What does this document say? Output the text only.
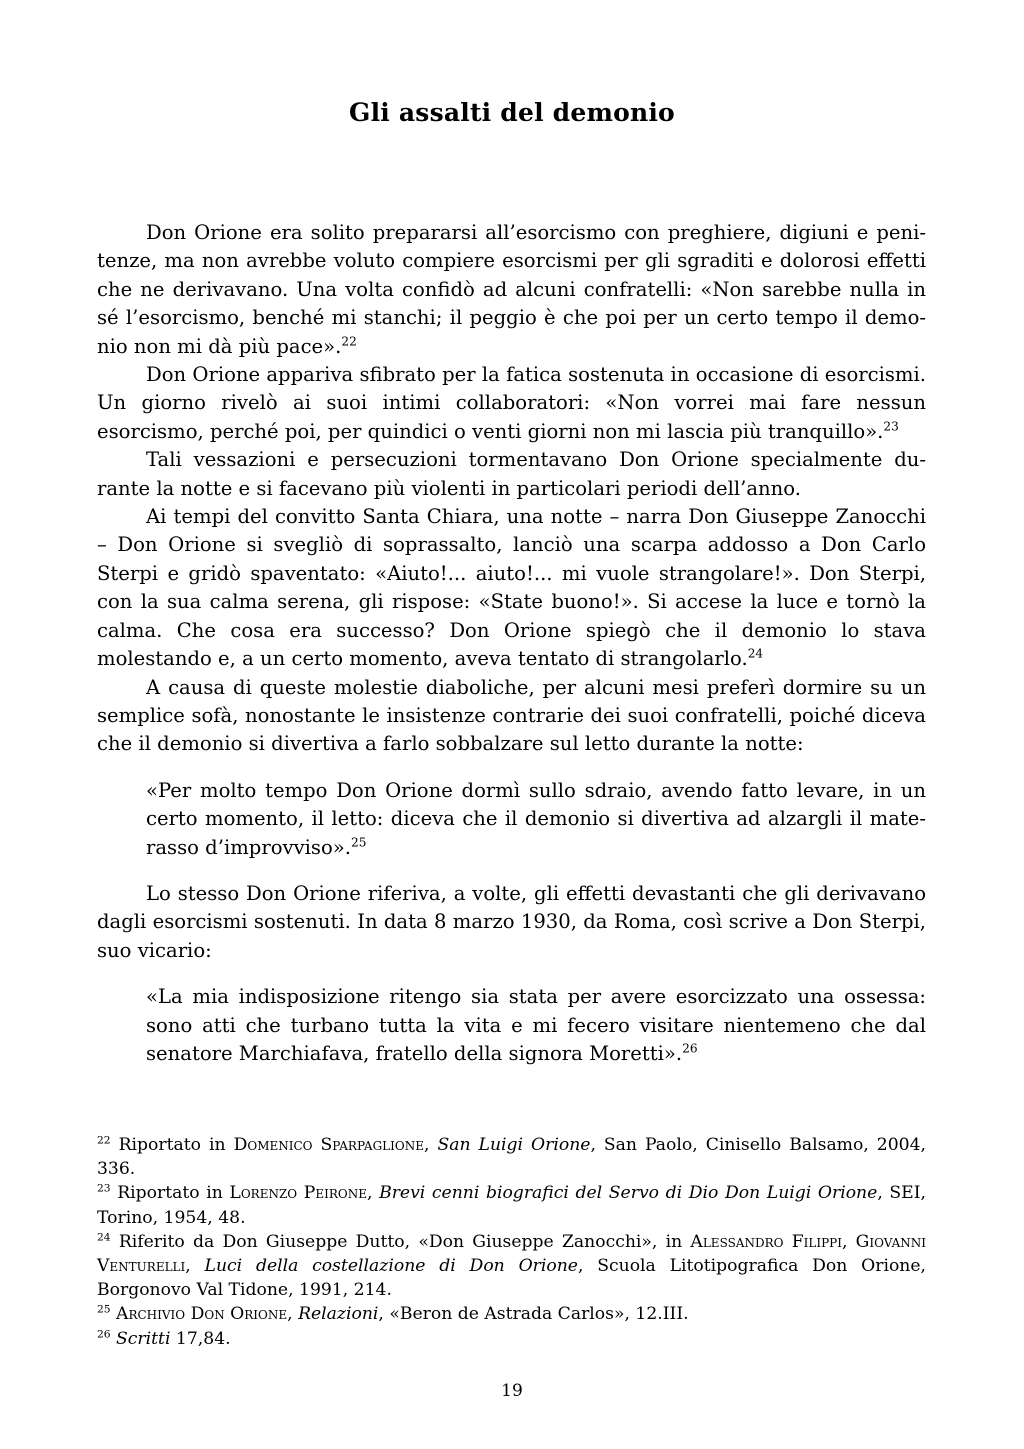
Gli assalti del demonio

Don Orione era solito prepararsi all’esorcismo con preghiere, digiuni e penitenze, ma non avrebbe voluto compiere esorcismi per gli sgraditi e dolorosi effetti che ne derivavano. Una volta confidò ad alcuni confratelli: «Non sarebbe nulla in sé l’esorcismo, benché mi stanchi; il peggio è che poi per un certo tempo il demonio non mi dà più pace».$^{22}$

Don Orione appariva sfibrato per la fatica sostenuta in occasione di esorcismi. Un giorno rivelò ai suoi intimi collaboratori: «Non vorrei mai fare nessun esorcismo, perché poi, per quindici o venti giorni non mi lascia più tranquillo».$^{23}$

Tali vessazioni e persecuzioni tormentavano Don Orione specialmente durante la notte e si facevano più violenti in particolari periodi dell’anno.

Ai tempi del convitto Santa Chiara, una notte – narra Don Giuseppe Zanocchi – Don Orione si svegliò di soprassalto, lanciò una scarpa addosso a Don Carlo Sterpi e gridò spaventato: «Aiuto!... aiuto!... mi vuole strangolare!». Don Sterpi, con la sua calma serena, gli rispose: «State buono!». Si accese la luce e tornò la calma. Che cosa era successo? Don Orione spiegò che il demonio lo stava molestando e, a un certo momento, aveva tentato di strangolarlo.$^{24}$

A causa di queste molestie diaboliche, per alcuni mesi preferì dormire su un semplice sofà, nonostante le insistenze contrarie dei suoi confratelli, poiché diceva che il demonio si divertiva a farlo sobbalzare sul letto durante la notte:

«Per molto tempo Don Orione dormì sullo sdraio, avendo fatto levare, in un certo momento, il letto: diceva che il demonio si divertiva ad alzargli il materasso d’improvviso».$^{25}$

Lo stesso Don Orione riferiva, a volte, gli effetti devastanti che gli derivavano dagli esorcismi sostenuti. In data 8 marzo 1930, da Roma, così scrive a Don Sterpi, suo vicario:

«La mia indisposizione ritengo sia stata per avere esorcizzato una ossessa: sono atti che turbano tutta la vita e mi fecero visitare nientemeno che dal senatore Marchiafava, fratello della signora Moretti».$^{26}$

$^{22}$ Riportato in Domenico Sparpaglione, San Luigi Orione, San Paolo, Cinisello Balsamo, 2004, 336.

$^{23}$ Riportato in Lorenzo Peirone, Brevi cenni biografici del Servo di Dio Don Luigi Orione, SEI, Torino, 1954, 48.

$^{24}$ Riferito da Don Giuseppe Dutto, «Don Giuseppe Zanocchi», in Alessandro Filippi, Giovanni Venturelli, Luci della costellazione di Don Orione, Scuola Litotipografica Don Orione, Borgonovo Val Tidone, 1991, 214.

$^{25}$ Archivio Don Orione, Relazioni, «Beron de Astrada Carlos», 12.III.

$^{26}$ Scritti 17,84.

19
